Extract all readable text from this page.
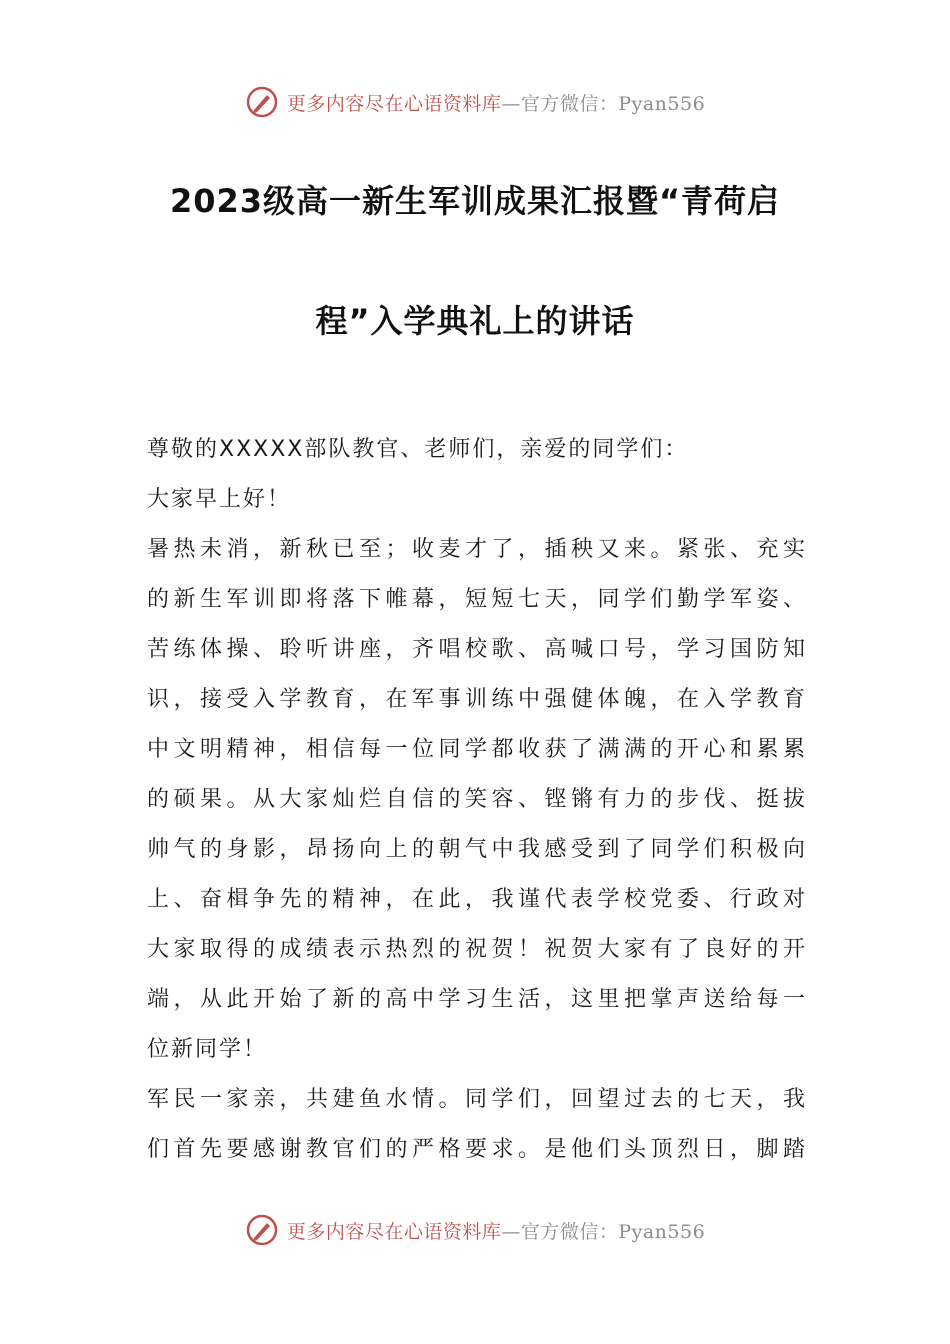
更多内容尽在心语资料库—官方微信：Pyan556
2023级高一新生军训成果汇报暨“青荷启
程”入学典礼上的讲话
尊敬的XXXXX部队教官、老师们，亲爱的同学们：
大家早上好！
暑热未消，新秋已至；收麦才了，插秧又来。紧张、充实
的新生军训即将落下帷幕，短短七天，同学们勤学军姿、
苦练体操、聆听讲座，齐唱校歌、高喊口号，学习国防知
识，接受入学教育，在军事训练中强健体魄，在入学教育
中文明精神，相信每一位同学都收获了满满的开心和累累
的硕果。从大家灿烂自信的笑容、铿锵有力的步伐、挺拔
帅气的身影，昂扬向上的朝气中我感受到了同学们积极向
上、奋楫争先的精神，在此，我谨代表学校党委、行政对
大家取得的成绩表示热烈的祝贺！祝贺大家有了良好的开
端，从此开始了新的高中学习生活，这里把掌声送给每一
位新同学！
军民一家亲，共建鱼水情。同学们，回望过去的七天，我
们首先要感谢教官们的严格要求。是他们头顶烈日，脚踏
更多内容尽在心语资料库—官方微信：Pyan556
